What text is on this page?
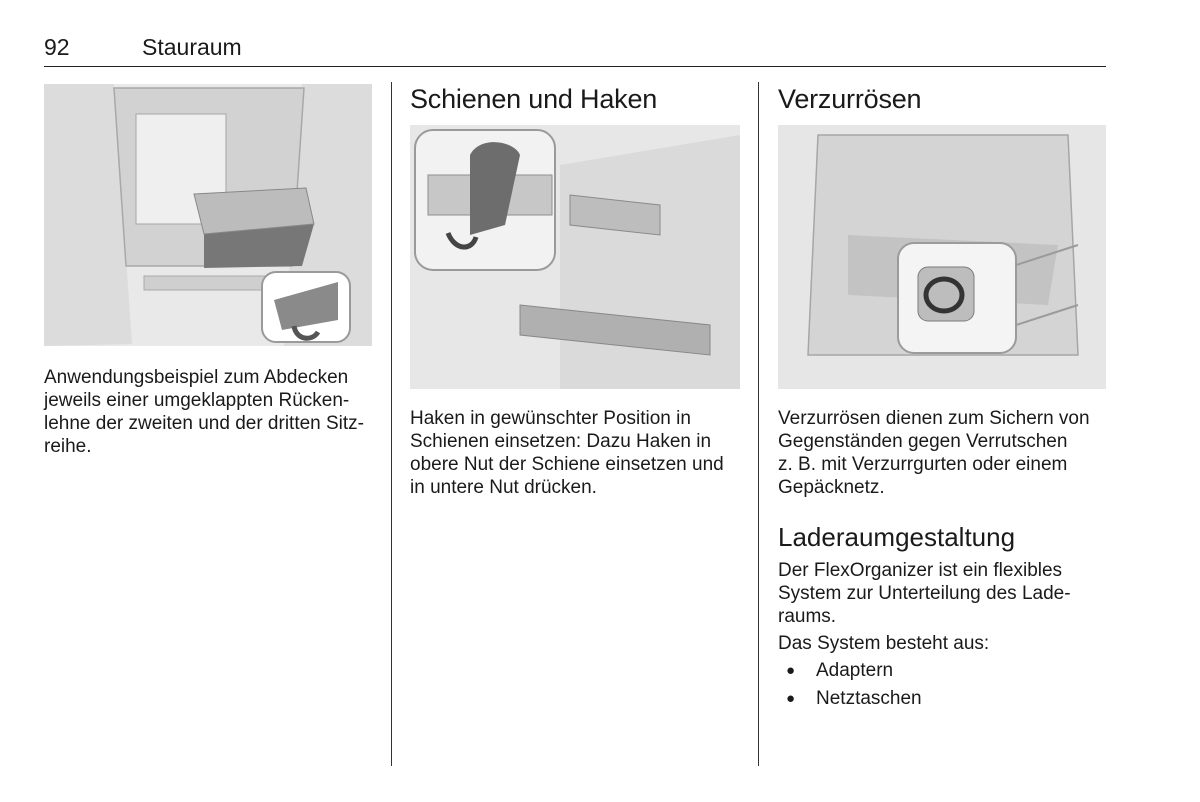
92	Stauraum

Anwendungsbeispiel zum Abdecken
jeweils einer umgeklappten Rücken-
lehne der zweiten und der dritten Sitz-
reihe.

Schienen und Haken

Haken in gewünschter Position in
Schienen einsetzen: Dazu Haken in
obere Nut der Schiene einsetzen und
in untere Nut drücken.

Verzurrösen

Verzurrösen dienen zum Sichern von
Gegenständen gegen Verrutschen
z. B. mit Verzurrgurten oder einem
Gepäcknetz.

Laderaumgestaltung

Der FlexOrganizer ist ein flexibles
System zur Unterteilung des Lade-
raums.

Das System besteht aus:

● Adaptern
● Netztaschen
